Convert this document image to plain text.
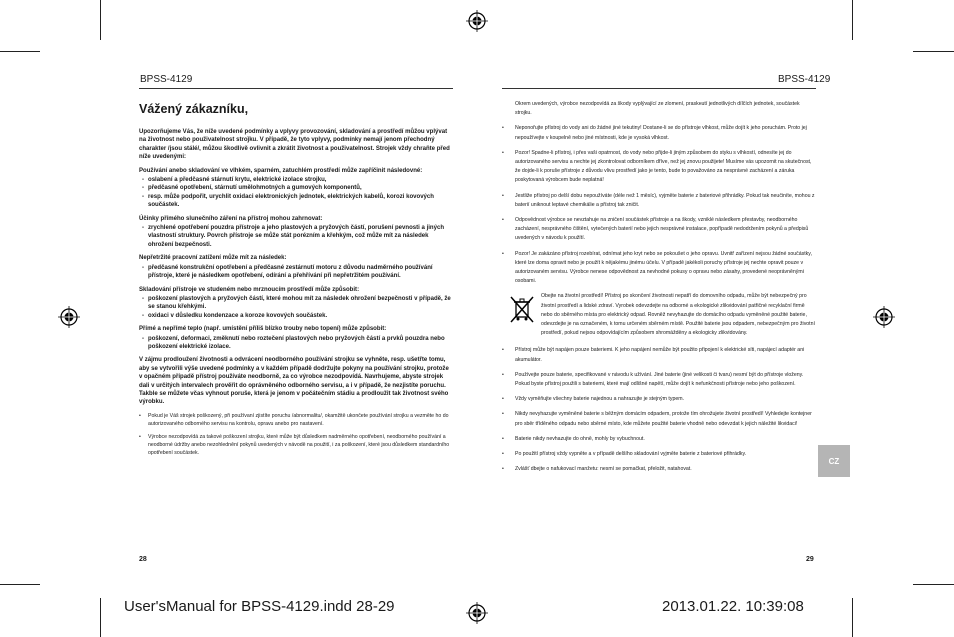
BPSS-4129	BPSS-4129
Vážený zákazníku,

Upozorňujeme Vás, že níže uvedené podmínky a vplyvy provozování, skladování a prostředí můžou vplývat na životnost nebo použivatelnost stroǰku. V případě, že tyto vplyvy, podmínky nemají jenom přechodný charakter /jsou stálé/, můžou škodlivě ovlivnit a zkrátit životnost a použivatelnost. Strojek vždy chraňte před níže uvedenými:

Používání anebo skladování ve vlhkém, sparném, zatuchlém prostředí může zapříčinit následovné:

- oslabení a předčasné stárnutí krytu, elektrické izolace strojku,
- předčasné opotřebení, stárnutí umělohmotných a gumových komponentů,
- resp. může podpořit, urychlit oxidaci elektronických jednotek, elektrických kabelů, korozi kovových součástek.

Účinky přímého slunečního záření na přístroj mohou zahrnovat:

- zrychlené opotřebení pouzdra přístroje a jeho plastových a pryžových částí, porušení pevnosti a jiných vlastností struktury. Povrch přístroje se může stát porézním a křehkým, což může mít za následek ohrožení bezpečnosti.

Nepřetržité pracovní zatížení může mít za následek:

- předčasné konstrukční opotřebení a předčasné zestárnutí motoru z důvodu nadměrného používání přístroje, které je následkem opotřebení, odírání a přehřívání při nepřetržitém používání.

Skladování přístroje ve studeném nebo mrznoucím prostředí může způsobit:

- poškození plastových a pryžových částí, které mohou mít za následek ohrožení bezpečnosti v případě, že se stanou křehkými.
- oxidaci v důsledku kondenzace a koroze kovových součástek.

Přímé a nepřímé teplo (např. umístění příliš blízko trouby nebo topení) může způsobit:

- poškození, deformaci, změknutí nebo roztečení plastových nebo pryžových částí a prvků pouzdra nebo poškození elektrické izolace.

V zájmu prodloužení životnosti a odvrácení neodborného používání strojku se vyhněte, resp. ušetřte tomu, aby se vytvořili výše uvedené podmínky a v každém případě dodržujte pokyny na používání strojku, protože v opačném případě přístroj používáte neodborně, za co výrobce nezodpovídá. Navrhujeme, abyste strojek dali v určitých intervalech prověřit do oprávněného odborného servisu, a i v případě, že nezjistíte poruchu. Takble se můžete včas vyhnout poruše, která je jenom v počátečním stádiu a prodloužit tak životnost svého výrobku.

• Pokud je Váš strojek poškozený, při používaní zjistíte poruchu /abnormalitu/, okamžitě ukončete používání strojku a vezměte ho do autorizovaného odborného servisu na kontrolu, opravu anebo pro nastavení.
• Výrobce nezodpovídá za takové poškození strojku, které může být důsledkem nadměrného opotřebení, neodborného používání a neodborné údržby anebo nezohlednění pokynů uvedených v návodě na použití, i za poškození, které jsou důsledkem standardního opotřebení součástek.
28

Okrem uvedených, výrobce nezodpovídá za škody vyplývající ze zlomení, praskнutí jednotlivých dílčích jednotek, součástek strojku.

• Neponořujte přístroj do vody ani do žádné jiné tekutiny! Dostane-li se do přístroje vlhkost, může dojít k jeho poruchám. Proto jej nepoužívejte v koupelně nebo jiné místnosti, kde je vysoká vlhkost.
• Pozor! Spadne-li přístroj, i přes vaši opatrnost, do vody nebo přijde-li jiným způsobem do styku s vlhkostí, odnesíte jej do autorizovaného servisu a nechte jej zkontrolovat odborníkem dříve, než jej znovu použijete! Musíme vás upozornit na skutečnost, že dojde-li k poruše přístroje z důvodu vlivu prostředí jako je tento, bude to považováno za nesprávné zacházení a záruka poskytovaná výrobcem bude neplatná!
• Jestliže přístroj po delší dobu nepoužíváte (déle než 1 měsíc), vyjměte baterie z bateriové přihrádky. Pokud tak neučiníte, mohou z baterií uniknout leptavé chemikálie a přístroj tak zničit.
• Odpovědnost výrobce se nevztahuje na zničení součástek přístroje a na škody, vzniklé následkem přestavby, neodborného zacházení, nesprávného čištění, vytečených baterií nebo jejich nesprávné instalace, popřípadě nedodržením pokynů a předpisů uvedených v návodu k použítí.
• Pozor! Je zakázáno přístroj rozebírat, odnímat jeho kryt nebo se pokoušet o jeho opravu. Uvnitř zařízení nejsou žádné součástky, které lze doma opravit nebo je použít k nějakému jinému účelu. V případě jakékoli poruchy přístroje jej nechte opravit pouze v autorizovaném servisu. Výrobce nenese odpovědnost za nevhodné pokusy o opravu nebo zásahy, provedené neoprávněnými osobami.
Obejte na životní prostředí! Přístroj po skončení životnosti nepatří do domovního odpadu, může být nebezpečný pro životní prostředí a lidské zdraví. Vyrobek odevzdejte na odborné a ekologické zlikvidování patřičné recyklační firmě nebo do sběrného místa pro elektrický odpad. Rovněž nevyhazujte do domácího odpadu vyměněné použité baterie, odevzdejte je na označeném, k tomu určeném sběrném místě. Použité baterie jsou odpadem, nebezpečným pro životní prostředí, pokud nejsou odpovídajícím způsobem shromážděny a ekologicky zlikvidovány.
• Přístroj může být napájen pouze bateriemi. K jeho napájení nemůže být použito připojení k elektrické síti, napájecí adaptér ani akumulátor.
• Používejte pouze baterie, specifikované v návodu k užívání. Jiné baterie (jiné velikosti či tvaru) nesmí být do přístroje vloženy. Pokud byste přístroj použili s bateriemi, které mají odlišné napětí, může dojít k nefunkčnosti přístroje nebo jeho poškození.
• Vždy vyměňujte všechny baterie najednou a nahrazujte je stejným typem.
• Nikdy nevyhazujte vyměněné baterie s běžným domácím odpadem, protože tím ohrožujete životní prostředí! Vyhledejte kontejner pro sběr tříděného odpadu nebo sběrné místo, kde můžete použité baterie vhodně nebo odevzdat k jejich náležité likvidaci!
• Baterie nikdy nevhazujte do ohně, mohly by vybuchnout.
• Po použití přístroj vždy vypněte a v případě delšího skladování vyjměte baterie z bateriové přihrádky.
• Zvlášť dbejte o nafukovací manžetu: nesmí se pomačkat, přeložit, natahovat.
CZ
29
User'sManual for BPSS-4129.indd 28-29	2013.01.22. 10:39:08
